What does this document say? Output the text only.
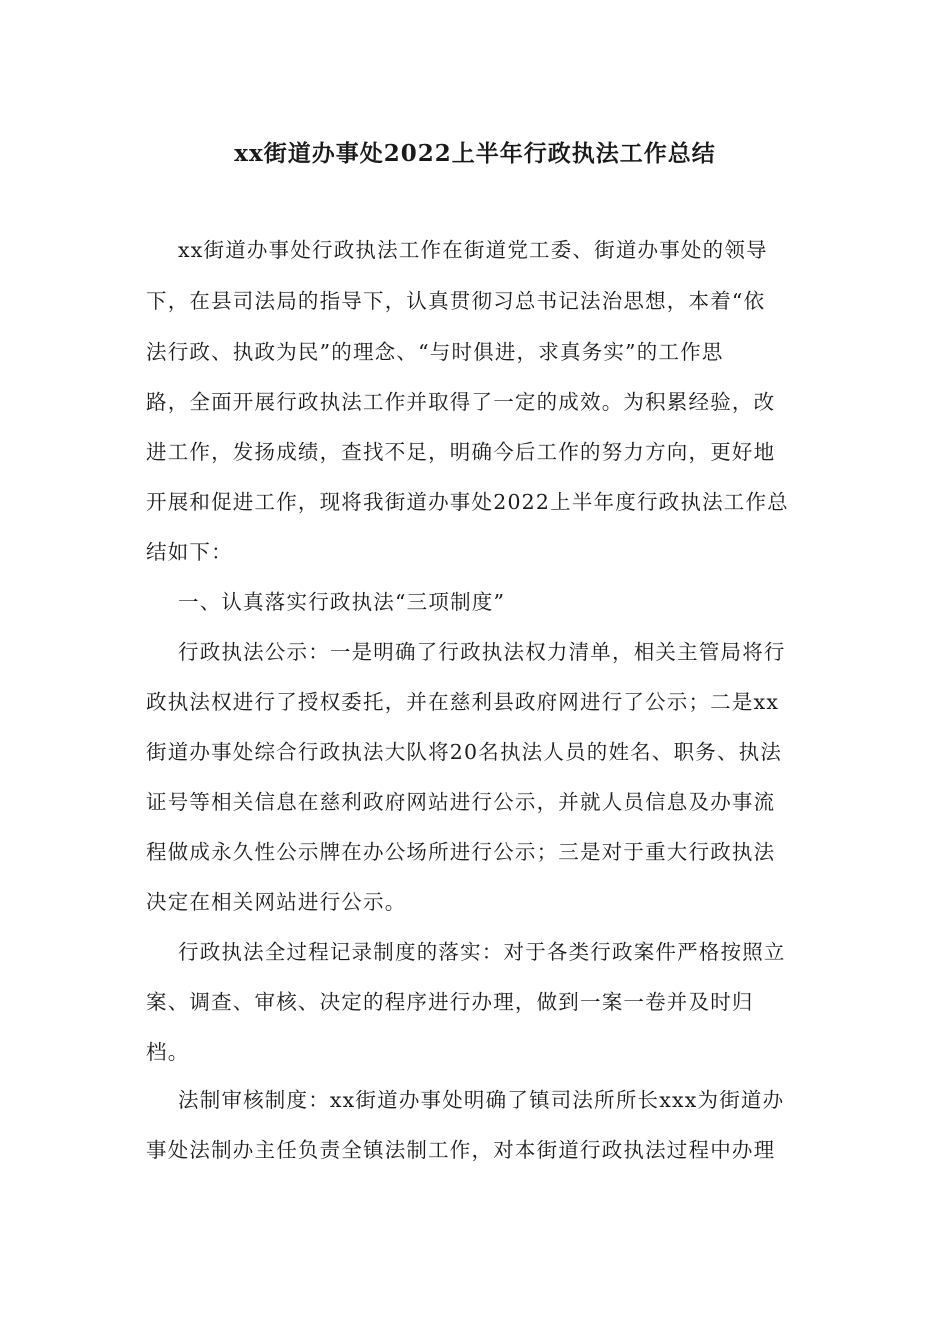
xx街道办事处2022上半年行政执法工作总结
xx街道办事处行政执法工作在街道党工委、街道办事处的领导
下，在县司法局的指导下，认真贯彻习总书记法治思想，本着“依
法行政、执政为民”的理念、“与时俱进，求真务实”的工作思
路，全面开展行政执法工作并取得了一定的成效。为积累经验，改
进工作，发扬成绩，查找不足，明确今后工作的努力方向，更好地
开展和促进工作，现将我街道办事处2022上半年度行政执法工作总
结如下：
一、认真落实行政执法“三项制度”
行政执法公示：一是明确了行政执法权力清单，相关主管局将行
政执法权进行了授权委托，并在慈利县政府网进行了公示；二是xx
街道办事处综合行政执法大队将20名执法人员的姓名、职务、执法
证号等相关信息在慈利政府网站进行公示，并就人员信息及办事流
程做成永久性公示牌在办公场所进行公示；三是对于重大行政执法
决定在相关网站进行公示。
行政执法全过程记录制度的落实：对于各类行政案件严格按照立
案、调查、审核、决定的程序进行办理，做到一案一卷并及时归
档。
法制审核制度：xx街道办事处明确了镇司法所所长xxx为街道办
事处法制办主任负责全镇法制工作，对本街道行政执法过程中办理
